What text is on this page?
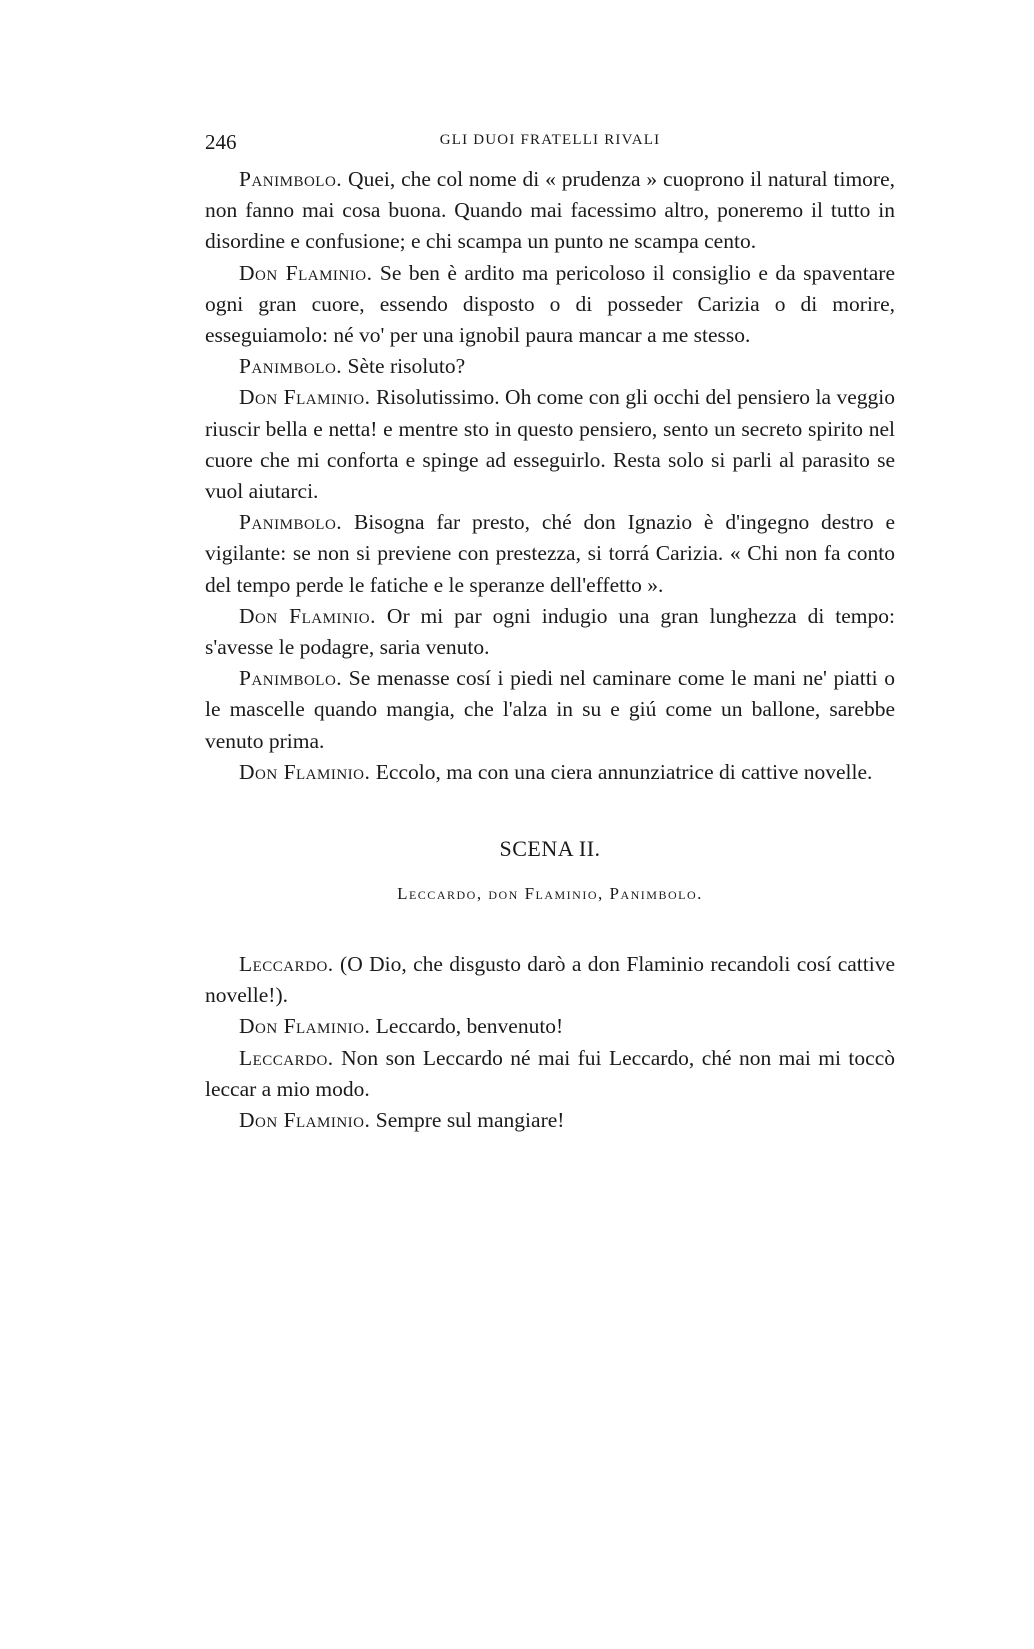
246	GLI DUOI FRATELLI RIVALI

Panimbolo. Quei, che col nome di « prudenza » cuoprono il natural timore, non fanno mai cosa buona. Quando mai facessimo altro, poneremo il tutto in disordine e confusione; e chi scampa un punto ne scampa cento.

Don Flaminio. Se ben è ardito ma pericoloso il consiglio e da spaventare ogni gran cuore, essendo disposto o di posseder Carizia o di morire, esseguiamolo: né vo' per una ignobil paura mancar a me stesso.

Panimbolo. Sète risoluto?

Don Flaminio. Risolutissimo. Oh come con gli occhi del pensiero la veggio riuscir bella e netta! e mentre sto in questo pensiero, sento un secreto spirito nel cuore che mi conforta e spinge ad esseguirlo. Resta solo si parli al parasito se vuol aiutarci.

Panimbolo. Bisogna far presto, ché don Ignazio è d'ingegno destro e vigilante: se non si previene con prestezza, si torrá Carizia. « Chi non fa conto del tempo perde le fatiche e le speranze dell'effetto ».

Don Flaminio. Or mi par ogni indugio una gran lunghezza di tempo: s'avesse le podagre, saria venuto.

Panimbolo. Se menasse cosí i piedi nel caminare come le mani ne' piatti o le mascelle quando mangia, che l'alza in su e giú come un ballone, sarebbe venuto prima.

Don Flaminio. Eccolo, ma con una ciera annunziatrice di cattive novelle.

SCENA II.
Leccardo, don Flaminio, Panimbolo.

Leccardo. (O Dio, che disgusto darò a don Flaminio recandoli cosí cattive novelle!).

Don Flaminio. Leccardo, benvenuto!

Leccardo. Non son Leccardo né mai fui Leccardo, ché non mai mi toccò leccar a mio modo.

Don Flaminio. Sempre sul mangiare!
